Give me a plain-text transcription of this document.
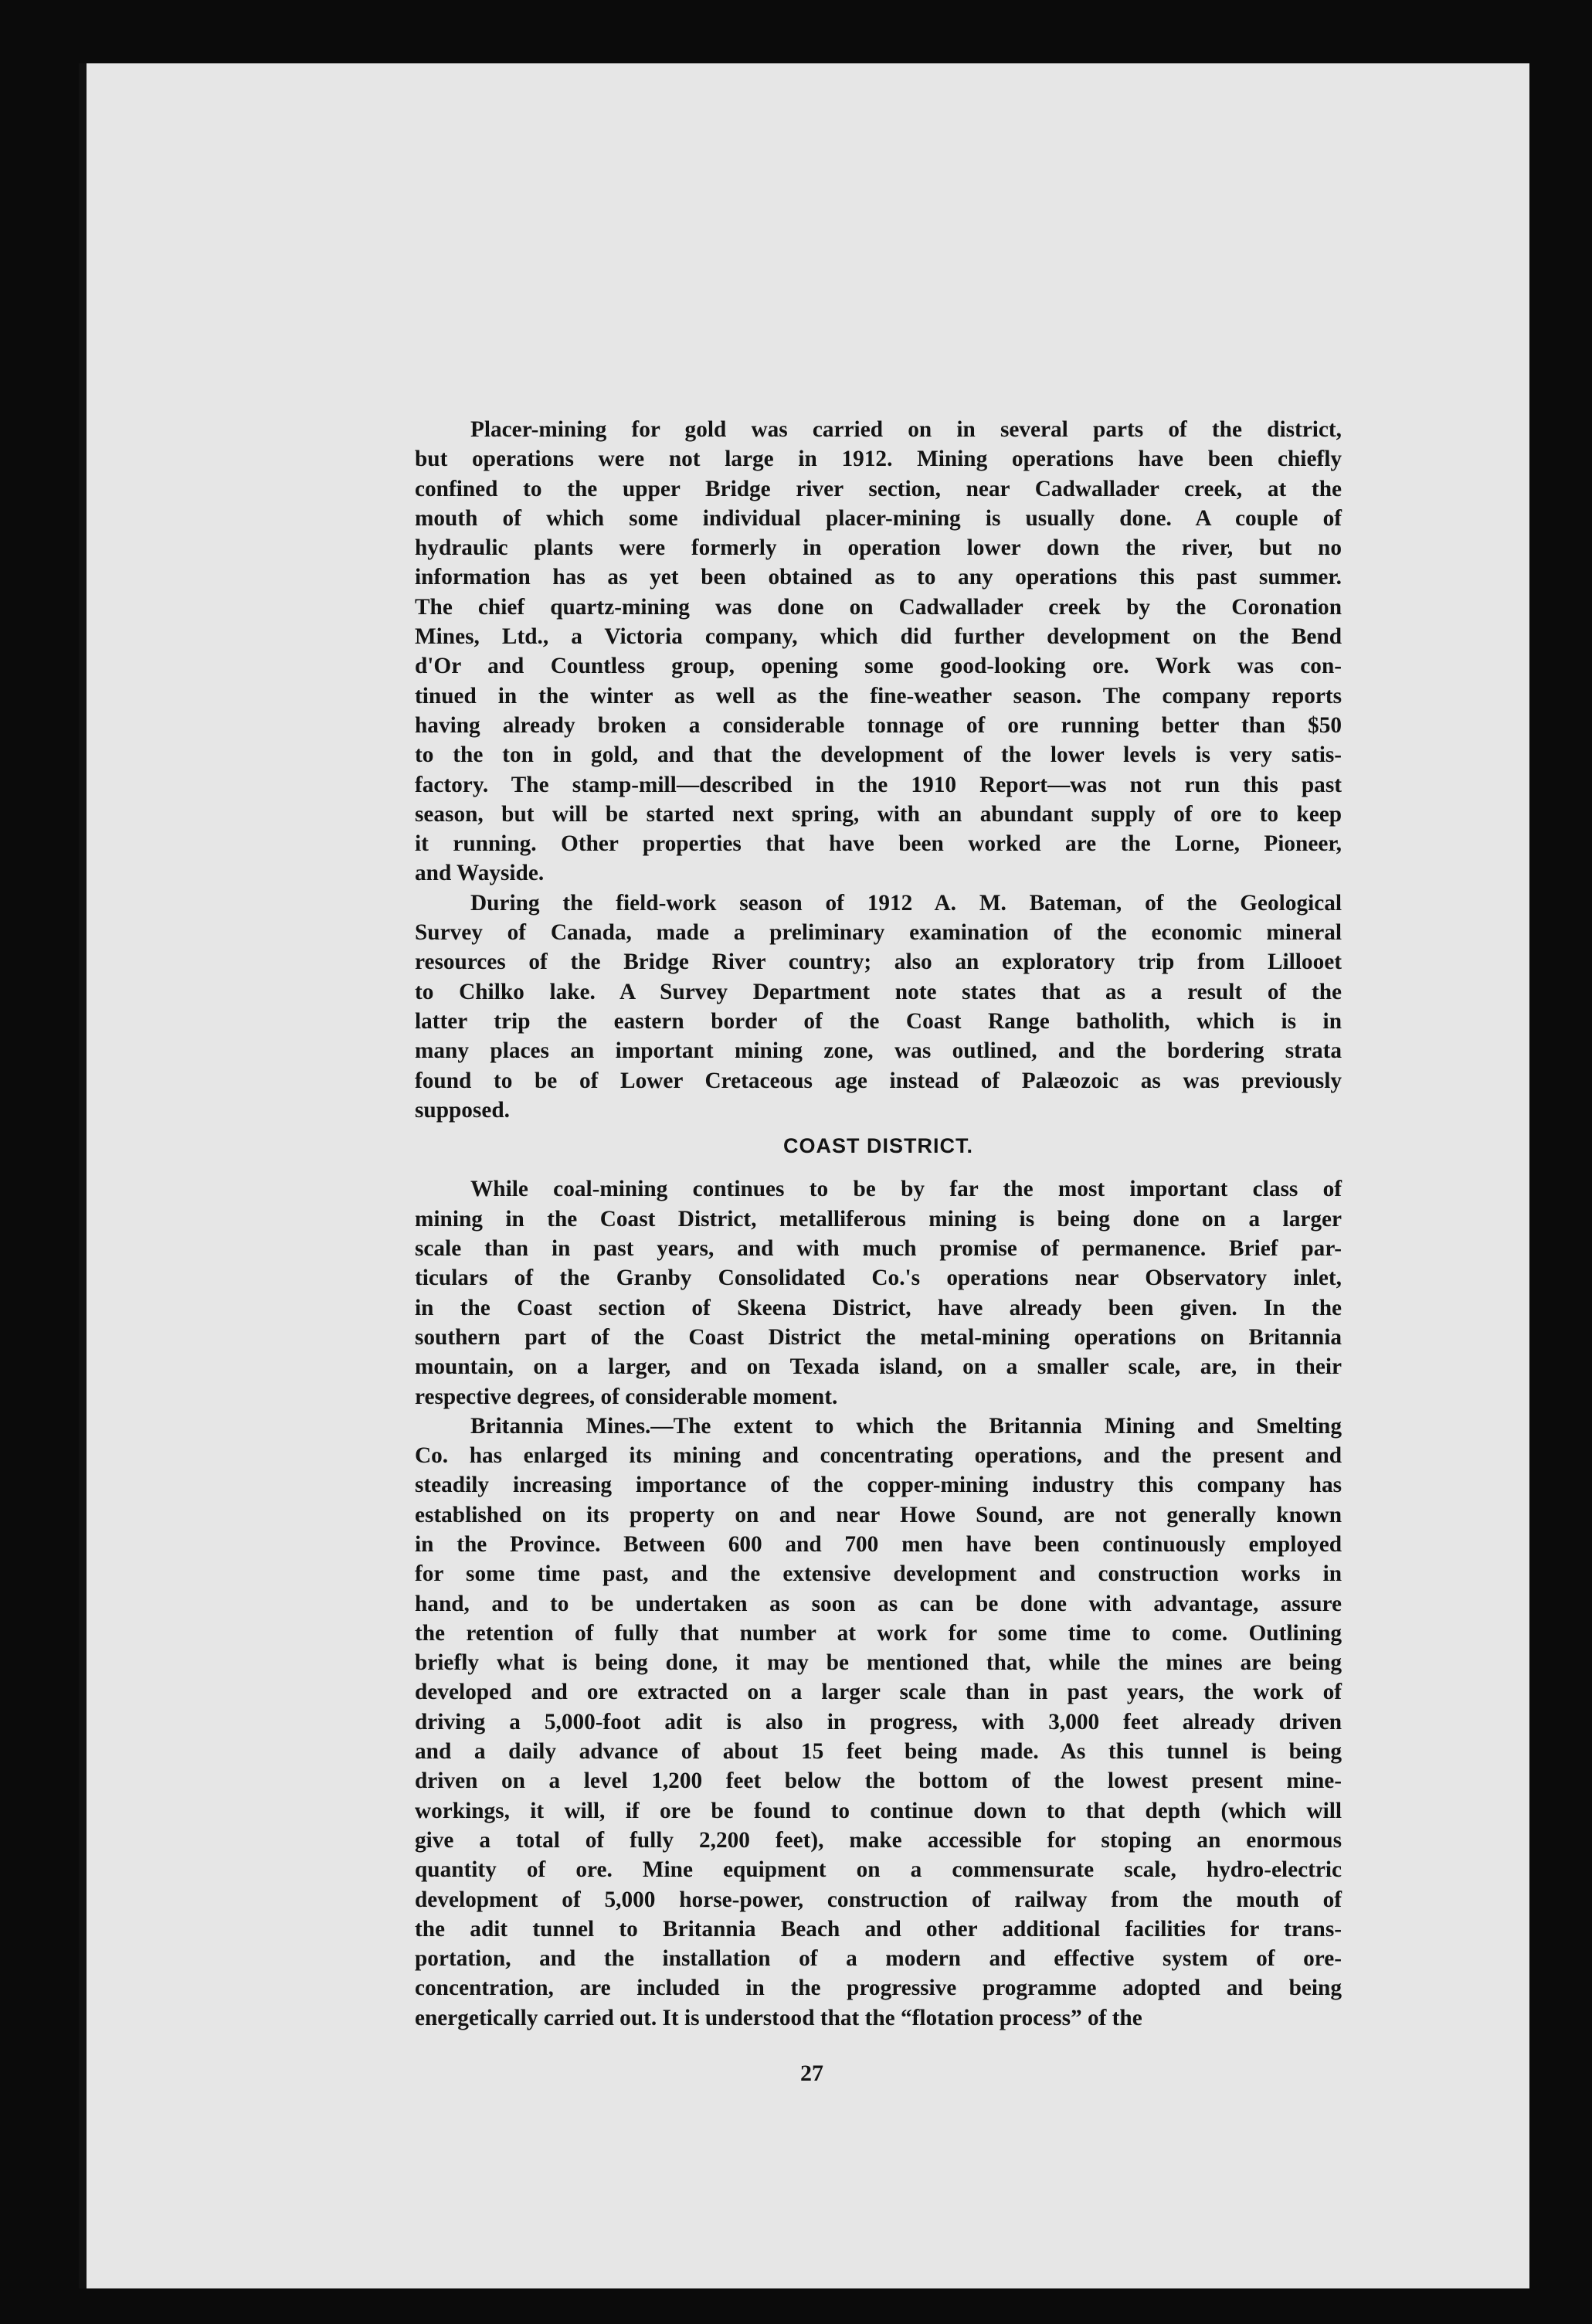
Placer-mining for gold was carried on in several parts of the district,
but operations were not large in 1912. Mining operations have been chiefly
confined to the upper Bridge river section, near Cadwallader creek, at the
mouth of which some individual placer-mining is usually done. A couple of
hydraulic plants were formerly in operation lower down the river, but no
information has as yet been obtained as to any operations this past summer.
The chief quartz-mining was done on Cadwallader creek by the Coronation
Mines, Ltd., a Victoria company, which did further development on the Bend
d'Or and Countless group, opening some good-looking ore. Work was con-
tinued in the winter as well as the fine-weather season. The company reports
having already broken a considerable tonnage of ore running better than $50
to the ton in gold, and that the development of the lower levels is very satis-
factory. The stamp-mill—described in the 1910 Report—was not run this past
season, but will be started next spring, with an abundant supply of ore to keep
it running. Other properties that have been worked are the Lorne, Pioneer,
and Wayside.

During the field-work season of 1912 A. M. Bateman, of the Geological
Survey of Canada, made a preliminary examination of the economic mineral
resources of the Bridge River country; also an exploratory trip from Lillooet
to Chilko lake. A Survey Department note states that as a result of the
latter trip the eastern border of the Coast Range batholith, which is in
many places an important mining zone, was outlined, and the bordering strata
found to be of Lower Cretaceous age instead of Palæozoic as was previously
supposed.

COAST DISTRICT.

While coal-mining continues to be by far the most important class of
mining in the Coast District, metalliferous mining is being done on a larger
scale than in past years, and with much promise of permanence. Brief par-
ticulars of the Granby Consolidated Co.'s operations near Observatory inlet,
in the Coast section of Skeena District, have already been given. In the
southern part of the Coast District the metal-mining operations on Britannia
mountain, on a larger, and on Texada island, on a smaller scale, are, in their
respective degrees, of considerable moment.

Britannia Mines.—The extent to which the Britannia Mining and Smelting
Co. has enlarged its mining and concentrating operations, and the present and
steadily increasing importance of the copper-mining industry this company has
established on its property on and near Howe Sound, are not generally known
in the Province. Between 600 and 700 men have been continuously employed
for some time past, and the extensive development and construction works in
hand, and to be undertaken as soon as can be done with advantage, assure
the retention of fully that number at work for some time to come. Outlining
briefly what is being done, it may be mentioned that, while the mines are being
developed and ore extracted on a larger scale than in past years, the work of
driving a 5,000-foot adit is also in progress, with 3,000 feet already driven
and a daily advance of about 15 feet being made. As this tunnel is being
driven on a level 1,200 feet below the bottom of the lowest present mine-
workings, it will, if ore be found to continue down to that depth (which will
give a total of fully 2,200 feet), make accessible for stoping an enormous
quantity of ore. Mine equipment on a commensurate scale, hydro-electric
development of 5,000 horse-power, construction of railway from the mouth of
the adit tunnel to Britannia Beach and other additional facilities for trans-
portation, and the installation of a modern and effective system of ore-
concentration, are included in the progressive programme adopted and being
energetically carried out. It is understood that the “flotation process” of the

27
